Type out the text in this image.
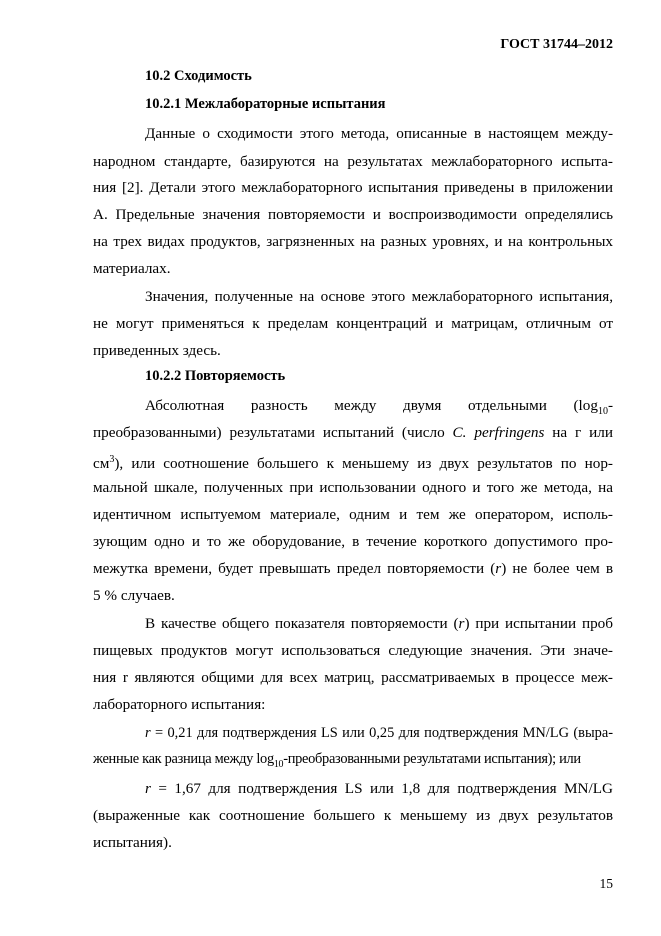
ГОСТ 31744–2012
10.2 Сходимость
10.2.1 Межлабораторные испытания
Данные о сходимости этого метода, описанные в настоящем между-
народном стандарте, базируются на результатах межлабораторного испыта-
ния [2]. Детали этого межлабораторного испытания приведены в приложении
А. Предельные значения повторяемости и воспроизводимости определялись
на трех видах продуктов, загрязненных на разных уровнях, и на контрольных
материалах.
Значения, полученные на основе этого межлабораторного испытания,
не могут применяться к пределам концентраций и матрицам, отличным от
приведенных здесь.
10.2.2 Повторяемость
Абсолютная разность между двумя отдельными ($\log_{10}-$
преобразованными) результатами испытаний (число C. perfringens на г или
$см^3$), или соотношение большего к меньшему из двух результатов по нор-
мальной шкале, полученных при использовании одного и того же метода, на
идентичном испытуемом материале, одним и тем же оператором, исполь-
зующим одно и то же оборудование, в течение короткого допустимого про-
межутка времени, будет превышать предел повторяемости (r) не более чем в
5 % случаев.
В качестве общего показателя повторяемости (r) при испытании проб
пищевых продуктов могут использоваться следующие значения. Эти значе-
ния r являются общими для всех матриц, рассматриваемых в процессе меж-
лабораторного испытания:
r = 0,21 для подтверждения LS или 0,25 для подтверждения MN/LG (выра-
женные как разница между $\log_{10}$-преобразованными результатами испытания); или
r = 1,67 для подтверждения LS или 1,8 для подтверждения MN/LG
(выраженные как соотношение большего к меньшему из двух результатов
испытания).
15
